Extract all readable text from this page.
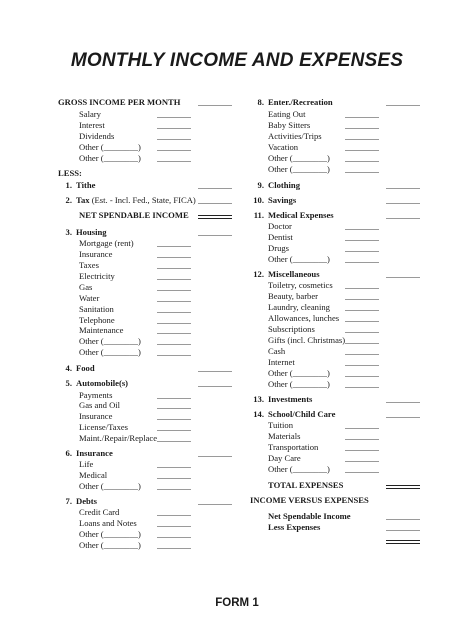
MONTHLY INCOME AND EXPENSES
GROSS INCOME PER MONTH
Salary
Interest
Dividends
Other (________)
Other (________)
LESS:
1. Tithe
2. Tax (Est. - Incl. Fed., State, FICA)
NET SPENDABLE INCOME
3. Housing
Mortgage (rent)
Insurance
Taxes
Electricity
Gas
Water
Sanitation
Telephone
Maintenance
Other (________)
Other (________)
4. Food
5. Automobile(s)
Payments
Gas and Oil
Insurance
License/Taxes
Maint./Repair/Replace
6. Insurance
Life
Medical
Other (________)
7. Debts
Credit Card
Loans and Notes
Other (________)
Other (________)
8. Enter./Recreation
Eating Out
Baby Sitters
Activities/Trips
Vacation
Other (________)
Other (________)
9. Clothing
10. Savings
11. Medical Expenses
Doctor
Dentist
Drugs
Other (________)
12. Miscellaneous
Toiletry, cosmetics
Beauty, barber
Laundry, cleaning
Allowances, lunches
Subscriptions
Gifts (incl. Christmas)
Cash
Internet
Other (________)
Other (________)
13. Investments
14. School/Child Care
Tuition
Materials
Transportation
Day Care
Other (________)
TOTAL EXPENSES
INCOME VERSUS EXPENSES
Net Spendable Income
Less Expenses
FORM 1
